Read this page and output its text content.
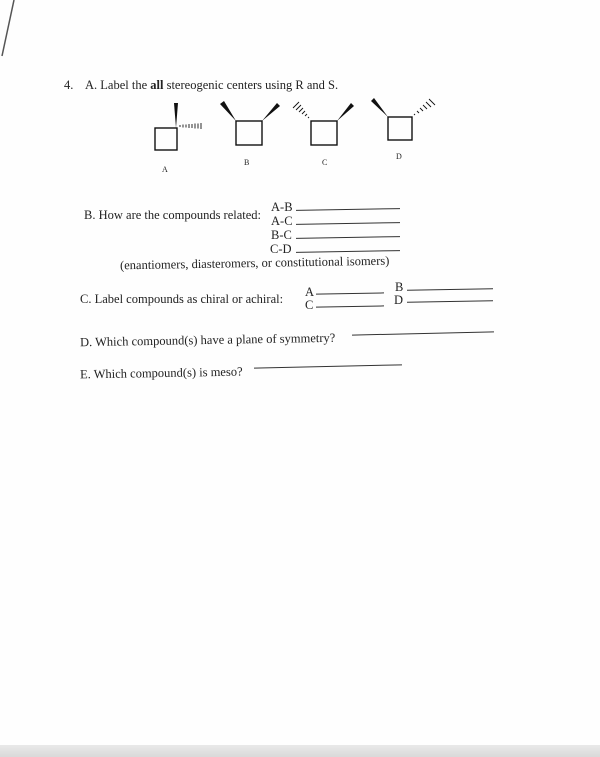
4. A. Label the all stereogenic centers using R and S.
A
B	C
D
B. How are the compounds related:
A-B
A-C
B-C
C-D
(enantiomers, diasteromers, or constitutional isomers)
C. Label compounds as chiral or achiral: A
C
B
D
D. Which compound(s) have a plane of symmetry?
E. Which compound(s) is meso?
